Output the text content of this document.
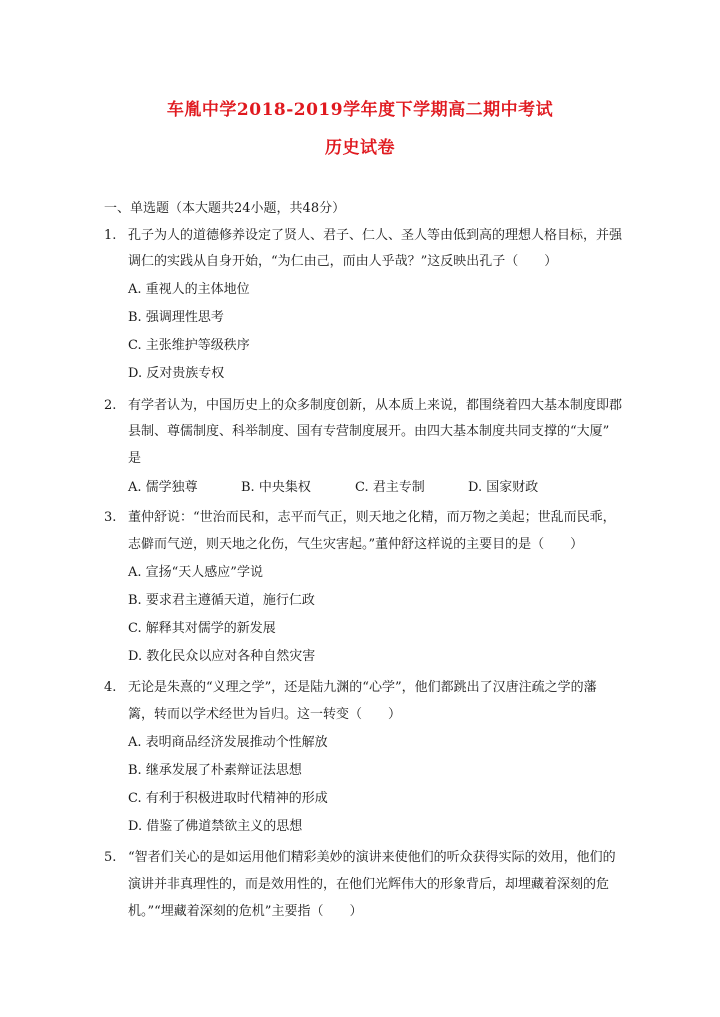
车胤中学2018-2019学年度下学期高二期中考试
历史试卷
一、单选题（本大题共24小题，共48分）
1. 孔子为人的道德修养设定了贤人、君子、仁人、圣人等由低到高的理想人格目标，并强
调仁的实践从自身开始，“为仁由己，而由人乎哉？”这反映出孔子（　　）
A. 重视人的主体地位
B. 强调理性思考
C. 主张维护等级秩序
D. 反对贵族专权
2. 有学者认为，中国历史上的众多制度创新，从本质上来说，都围绕着四大基本制度即郡
县制、尊儒制度、科举制度、国有专营制度展开。由四大基本制度共同支撑的“大厦”
是
A. 儒学独尊	B. 中央集权	C. 君主专制	D. 国家财政
3. 董仲舒说：“世治而民和，志平而气正，则天地之化精，而万物之美起；世乱而民乖，
志僻而气逆，则天地之化伤，气生灾害起。”董仲舒这样说的主要目的是（　　）
A. 宣扬“天人感应”学说
B. 要求君主遵循天道，施行仁政
C. 解释其对儒学的新发展
D. 教化民众以应对各种自然灾害
4. 无论是朱熹的“义理之学”，还是陆九渊的“心学”，他们都跳出了汉唐注疏之学的藩
篱，转而以学术经世为旨归。这一转变（　　）
A. 表明商品经济发展推动个性解放
B. 继承发展了朴素辩证法思想
C. 有利于积极进取时代精神的形成
D. 借鉴了佛道禁欲主义的思想
5. “智者们关心的是如运用他们精彩美妙的演讲来使他们的听众获得实际的效用，他们的
演讲并非真理性的，而是效用性的，在他们光辉伟大的形象背后，却埋藏着深刻的危
机。”“埋藏着深刻的危机”主要指（　　）
